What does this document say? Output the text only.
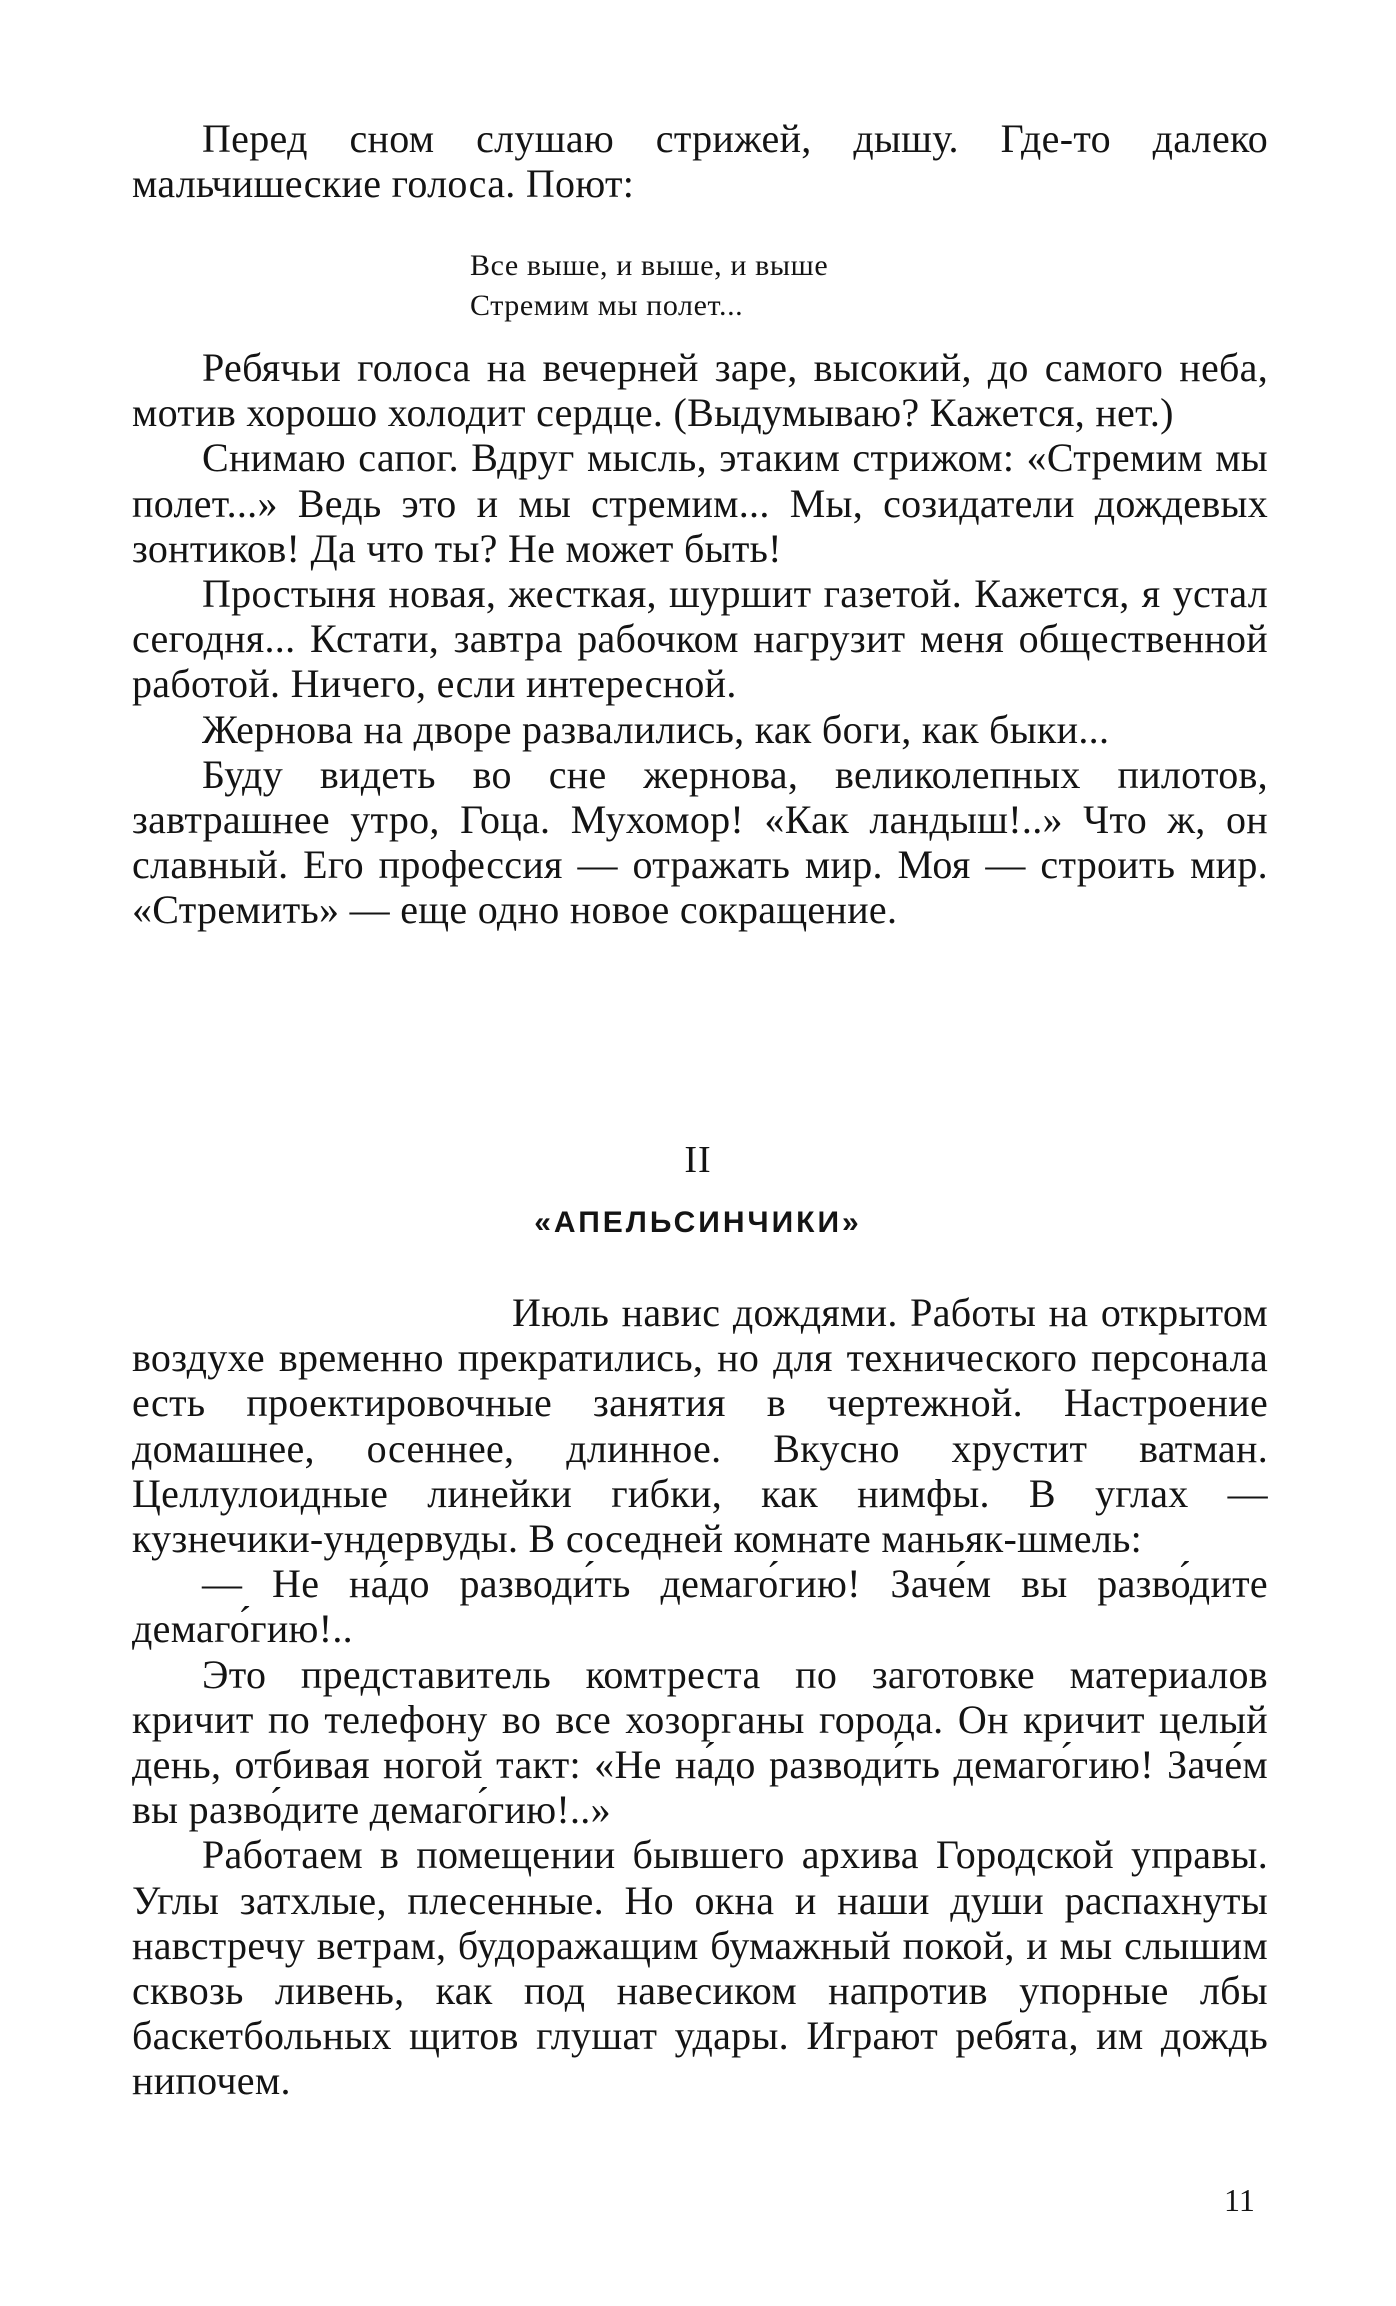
Перед сном слушаю стрижей, дышу. Где-то далеко мальчишеские голоса. Поют:

Все выше, и выше, и выше
Стремим мы полет...

Ребячьи голоса на вечерней заре, высокий, до самого неба, мотив хорошо холодит сердце. (Выдумываю? Кажется, нет.)

Снимаю сапог. Вдруг мысль, этаким стрижом: «Стремим мы полет...» Ведь это и мы стремим... Мы, созидатели дождевых зонтиков! Да что ты? Не может быть!

Простыня новая, жесткая, шуршит газетой. Кажется, я устал сегодня... Кстати, завтра рабочком нагрузит меня общественной работой. Ничего, если интересной.

Жернова на дворе развалились, как боги, как быки...

Буду видеть во сне жернова, великолепных пилотов, завтрашнее утро, Гоца. Мухомор! «Как ландыш!..» Что ж, он славный. Его профессия — отражать мир. Моя — строить мир. «Стремить» — еще одно новое сокращение.

II
«АПЕЛЬСИНЧИКИ»

Июль навис дождями. Работы на открытом воздухе временно прекратились, но для технического персонала есть проектировочные занятия в чертежной. Настроение домашнее, осеннее, длинное. Вкусно хрустит ватман. Целлулоидные линейки гибки, как нимфы. В углах — кузнечики-ундервуды. В соседней комнате маньяк-шмель:

— Не на́до разводи́ть демаго́гию! Заче́м вы разво́дите демаго́гию!..

Это представитель комтреста по заготовке материалов кричит по телефону во все хозорганы города. Он кричит целый день, отбивая ногой такт: «Не на́до разводи́ть демаго́гию! Заче́м вы разво́дите демаго́гию!..»

Работаем в помещении бывшего архива Городской управы. Углы затхлые, плесенные. Но окна и наши души распахнуты навстречу ветрам, будоражащим бумажный покой, и мы слышим сквозь ливень, как под навесиком напротив упорные лбы баскетбольных щитов глушат удары. Играют ребята, им дождь нипочем.

11
